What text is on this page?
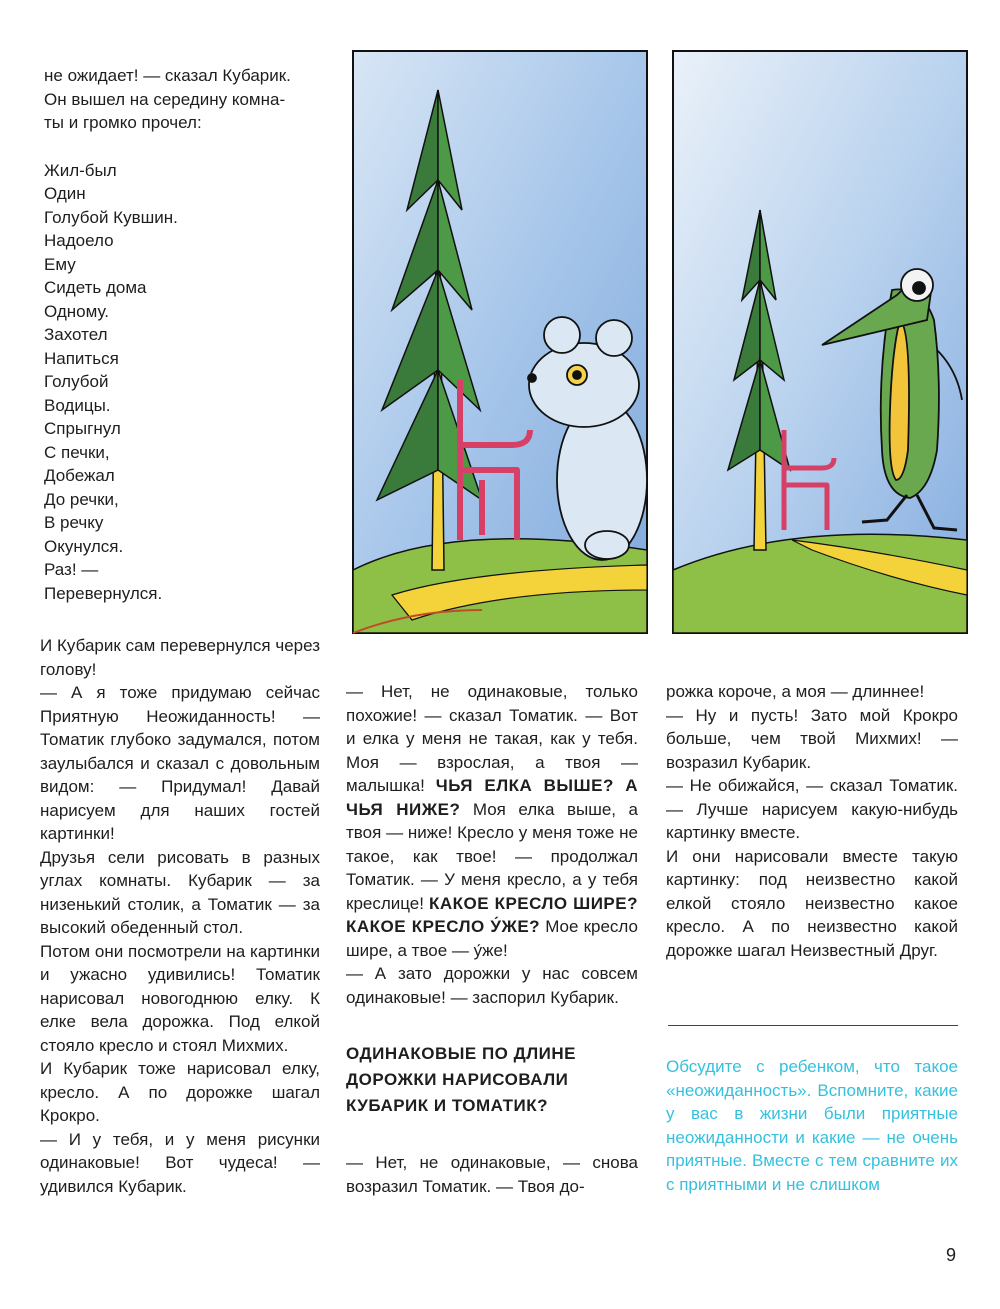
не ожидает! — сказал Кубарик.

Он вышел на середину комна-

ты и громко прочел:

Жил-был

Один

Голубой Кувшин.

Надоело

Ему

Сидеть дома

Одному.

Захотел

Напиться

Голубой

Водицы.

Спрыгнул

С печки,

Добежал

До речки,

В речку

Окунулся.

Раз! —

Перевернулся.

И Кубарик сам перевернулся через голову!

— А я тоже придумаю сейчас Приятную Неожиданность! — Томатик глубоко задумался, потом заулыбался и сказал с довольным видом: — Придумал! Давай нарисуем для наших гостей картинки!

Друзья сели рисовать в разных углах комнаты. Кубарик — за низенький столик, а Томатик — за высокий обеденный стол.

Потом они посмотрели на картинки и ужасно удивились! Томатик нарисовал новогоднюю елку. К елке вела дорожка. Под елкой стояло кресло и стоял Михмих.

И Кубарик тоже нарисовал елку, кресло. А по дорожке шагал Крокро.

— И у тебя, и у меня рисунки одинаковые! Вот чудеса! — удивился Кубарик.

— Нет, не одинаковые, только похожие! — сказал Томатик. — Вот и елка у меня не такая, как у тебя. Моя — взрослая, а твоя — малышка! ЧЬЯ ЕЛКА ВЫШЕ? А ЧЬЯ НИЖЕ? Моя елка выше, а твоя — ниже! Кресло у меня тоже не такое, как твое! — продолжал Томатик. — У меня кресло, а у тебя креслице! КАКОЕ КРЕСЛО ШИРЕ? КАКОЕ КРЕСЛО У́ЖЕ? Мое кресло шире, а твое — у́же!

— А зато дорожки у нас совсем одинаковые! — заспорил Кубарик.

ОДИНАКОВЫЕ ПО ДЛИНЕ ДОРОЖКИ НАРИСОВАЛИ КУБАРИК И ТОМАТИК?

— Нет, не одинаковые, — снова возразил Томатик. — Твоя до-

рожка короче, а моя — длиннее!

— Ну и пусть! Зато мой Крокро больше, чем твой Михмих! — возразил Кубарик.

— Не обижайся, — сказал Томатик. — Лучше нарисуем какую-нибудь картинку вместе.

И они нарисовали вместе такую картинку: под неизвестно какой елкой стояло неизвестно какое кресло. А по неизвестно какой дорожке шагал Неизвестный Друг.

Обсудите с ребенком, что такое «неожиданность». Вспомните, какие у вас в жизни были приятные неожиданности и какие — не очень приятные. Вместе с тем сравните их с приятными и не слишком
9
